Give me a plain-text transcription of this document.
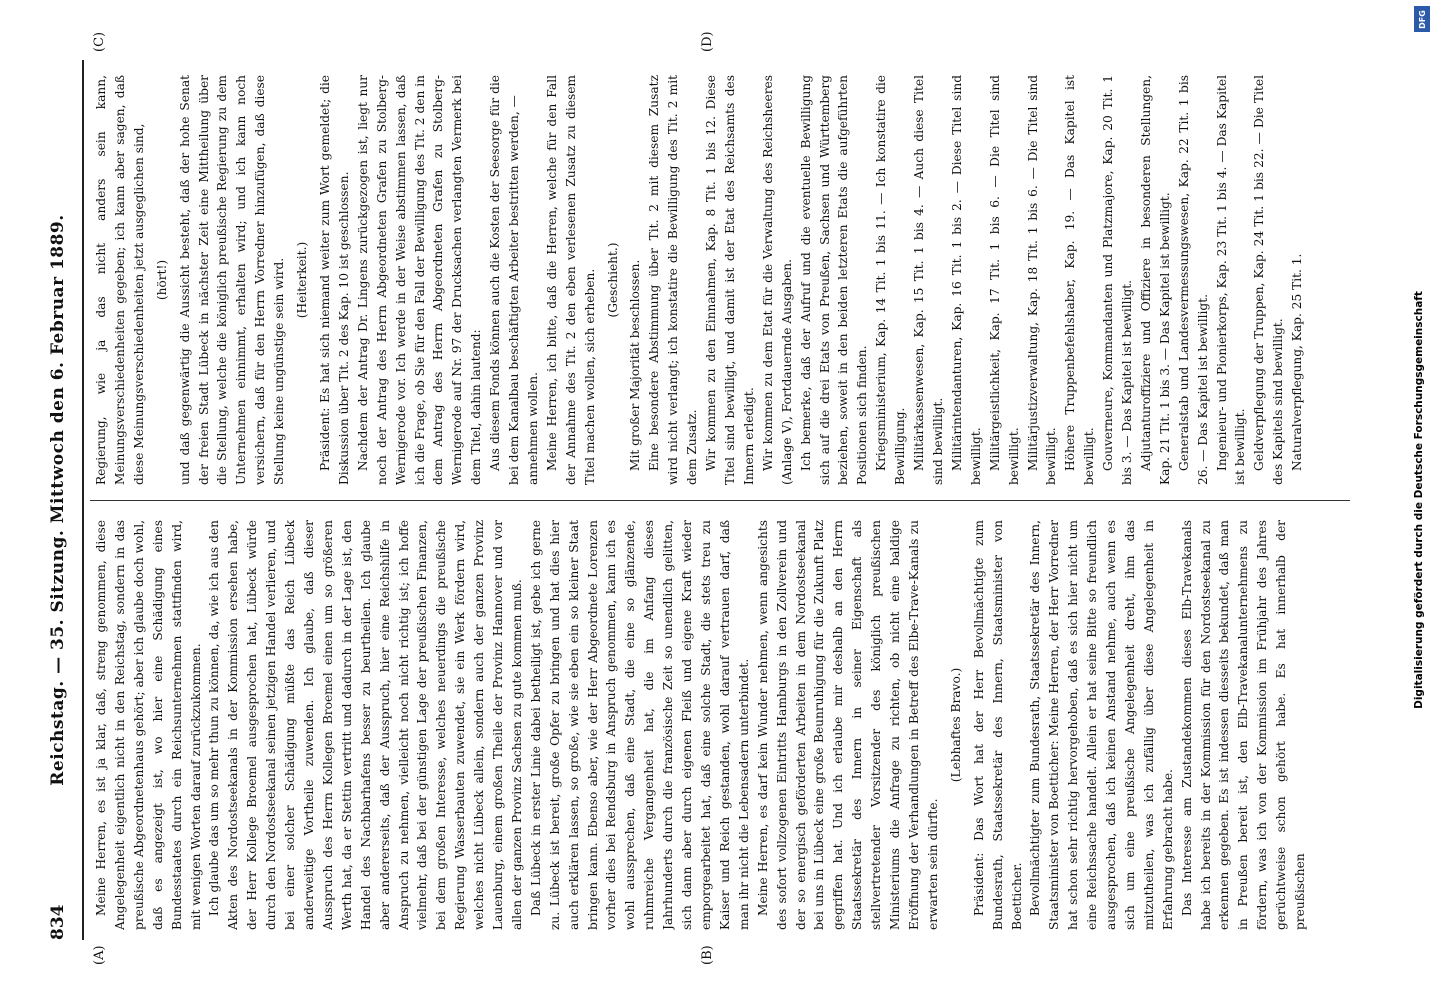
834
Reichstag. — 35. Sitzung. Mittwoch den 6. Februar 1889.
(A)	(B)
(C)	(D)

Meine Herren, es ist ja klar, daß, streng genommen, diese Angelegenheit eigentlich nicht in den Reichstag, sondern in das preußische Abgeordnetenhaus gehört; aber ich glaube doch wohl, daß es angezeigt ist, wo hier eine Schädigung eines Bundesstaates durch ein Reichsunternehmen stattfinden wird, mit wenigen Worten darauf zurückzukommen. Ich glaube das um so mehr thun zu können, da, wie ich aus den Akten des Nordostseekanals in der Kommission ersehen habe, der Herr Kollege Broemel ausgesprochen hat, Lübeck würde durch den Nordostseekanal seinen jetzigen Handel verlieren, und bei einer solcher Schädigung müßte das Reich Lübeck anderweitige Vortheile zuwenden. Ich glaube, daß dieser Ausspruch des Herrn Kollegen Broemel einen um so größeren Werth hat, da er Stettin vertritt und dadurch in der Lage ist, den Handel des Nachbarhafens besser zu beurtheilen. Ich glaube aber andererseits, daß der Ausspruch, hier eine Reichshilfe in Anspruch zu nehmen, vielleicht noch nicht richtig ist; ich hoffe vielmehr, daß bei der günstigen Lage der preußischen Finanzen, bei dem großen Interesse, welches neuerdings die preußische Regierung Wasserbauten zuwendet, sie ein Werk fördern wird, welches nicht Lübeck allein, sondern auch der ganzen Provinz Lauenburg, einem großen Theile der Provinz Hannover und vor allen der ganzen Provinz Sachsen zu gute kommen muß. Daß Lübeck in erster Linie dabei betheiligt ist, gebe ich gerne zu. Lübeck ist bereit, große Opfer zu bringen und hat dies hier auch erklären lassen, so große, wie sie eben ein so kleiner Staat bringen kann. Ebenso aber, wie der Herr Abgeordnete Lorenzen vorher dies bei Rendsburg in Anspruch genommen, kann ich es wohl aussprechen, daß eine Stadt, die eine so glänzende, ruhmreiche Vergangenheit hat, die im Anfang dieses Jahrhunderts durch die französische Zeit so unendlich gelitten, sich dann aber durch eigenen Fleiß und eigene Kraft wieder emporgearbeitet hat, daß eine solche Stadt, die stets treu zu Kaiser und Reich gestanden, wohl darauf vertrauen darf, daß man ihr nicht die Lebensadern unterbindet. Meine Herren, es darf kein Wunder nehmen, wenn angesichts des sofort vollzogenen Eintritts Hamburgs in den Zollverein und der so energisch geförderten Arbeiten in dem Nordostseekanal bei uns in Lübeck eine große Beunruhigung für die Zukunft Platz gegriffen hat. Und ich erlaube mir deshalb an den Herrn Staatssekretär des Innern in seiner Eigenschaft als stellvertretender Vorsitzender des königlich preußischen Ministeriums die Anfrage zu richten, ob nicht eine baldige Eröffnung der Verhandlungen in Betreff des Elbe-Trave-Kanals zu erwarten sein dürfte.

(Lebhaftes Bravo.) Präsident: Das Wort hat der Herr Bevollmächtigte zum Bundesrath, Staatssekretär des Innern, Staatsminister von Boetticher. Bevollmächtigter zum Bundesrath, Staatssekretär des Innern, Staatsminister von Boetticher: Meine Herren, der Herr Vorredner hat schon sehr richtig hervorgehoben, daß es sich hier nicht um eine Reichssache handelt. Allein er hat seine Bitte so freundlich ausgesprochen, daß ich keinen Anstand nehme, auch wenn es sich um eine preußische Angelegenheit dreht, ihm das mitzutheilen, was ich zufällig über diese Angelegenheit in Erfahrung gebracht habe. Das Interesse am Zustandekommen dieses Elb-Travekanals habe ich bereits in der Kommission für den Nordostseekanal zu erkennen gegeben. Es ist indessen diesseits bekundet, daß man in Preußen bereit ist, den Elb-Travekanalunternehmens zu fördern, was ich von der Kommission im Frühjahr des Jahres gerüchtweise schon gehört habe. Es hat innerhalb der preußischen

Regierung, wie ja das nicht anders sein kann, Meinungsverschiedenheiten gegeben; ich kann aber sagen, daß diese Meinungsverschiedenheiten jetzt ausgeglichen sind, (hört!) und daß gegenwärtig die Aussicht besteht, daß der hohe Senat der freien Stadt Lübeck in nächster Zeit eine Mittheilung über die Stellung, welche die königlich preußische Regierung zu dem Unternehmen einnimmt, erhalten wird; und ich kann noch versichern, daß für den Herrn Vorredner hinzufügen, daß diese Stellung keine ungünstige sein wird. (Heiterkeit.) Präsident: Es hat sich niemand weiter zum Wort gemeldet; die Diskussion über Tit. 2 des Kap. 10 ist geschlossen. Nachdem der Antrag Dr. Lingens zurückgezogen ist, liegt nur noch der Antrag des Herrn Abgeordneten Grafen zu Stolberg-Wernigerode vor. Ich werde in der Weise abstimmen lassen, daß ich die Frage, ob Sie für den Fall der Bewilligung des Tit. 2 den in dem Antrag des Herrn Abgeordneten Grafen zu Stolberg-Wernigerode auf Nr. 97 der Drucksachen verlangten Vermerk bei dem Titel, dahin lautend: Aus diesem Fonds können auch die Kosten der Seesorge für die bei dem Kanalbau beschäftigten Arbeiter bestritten werden, — annehmen wollen. Meine Herren, ich bitte, daß die Herren, welche für den Fall der Annahme des Tit. 2 den eben verlesenen Zusatz zu diesem Titel machen wollen, sich erheben. (Geschieht.) Mit großer Majorität beschlossen. Eine besondere Abstimmung über Tit. 2 mit diesem Zusatz wird nicht verlangt; ich konstatire die Bewilligung des Tit. 2 mit dem Zusatz. Wir kommen zu den Einnahmen, Kap. 8 Tit. 1 bis 12. Diese Titel sind bewilligt, und damit ist der Etat des Reichsamts des Innern erledigt. Wir kommen zu dem Etat für die Verwaltung des Reichsheeres (Anlage V), Fortdauernde Ausgaben. Ich bemerke, daß der Aufruf und die eventuelle Bewilligung sich auf die drei Etats von Preußen, Sachsen und Württemberg beziehen, soweit in den beiden letzteren Etats die aufgeführten Positionen sich finden. Kriegsministerium, Kap. 14 Tit. 1 bis 11. — Ich konstatire die Bewilligung. Militärkassenwesen, Kap. 15 Tit. 1 bis 4. — Auch diese Titel sind bewilligt. Militärintendanturen, Kap. 16 Tit. 1 bis 2. — Diese Titel sind bewilligt. Militärgeistlichkeit, Kap. 17 Tit. 1 bis 6. — Die Titel sind bewilligt. Militärjustizverwaltung, Kap. 18 Tit. 1 bis 6. — Die Titel sind bewilligt. Höhere Truppenbefehlshaber, Kap. 19. — Das Kapitel ist bewilligt. Gouverneure, Kommandanten und Platzmajore, Kap. 20 Tit. 1 bis 3. — Das Kapitel ist bewilligt. Adjutanturoffiziere und Offiziere in besonderen Stellungen, Kap. 21 Tit. 1 bis 3. — Das Kapitel ist bewilligt. Generalstab und Landesvermessungswesen, Kap. 22 Tit. 1 bis 26. — Das Kapitel ist bewilligt. Ingenieur- und Pionierkorps, Kap. 23 Tit. 1 bis 4. — Das Kapitel ist bewilligt. Geldverpflegung der Truppen, Kap. 24 Tit. 1 bis 22. — Die Titel des Kapitels sind bewilligt. Naturalverpflegung, Kap. 25 Tit. 1.	Digitalisierung gefördert durch die Deutsche Forschungsgemeinschaft
DFG
